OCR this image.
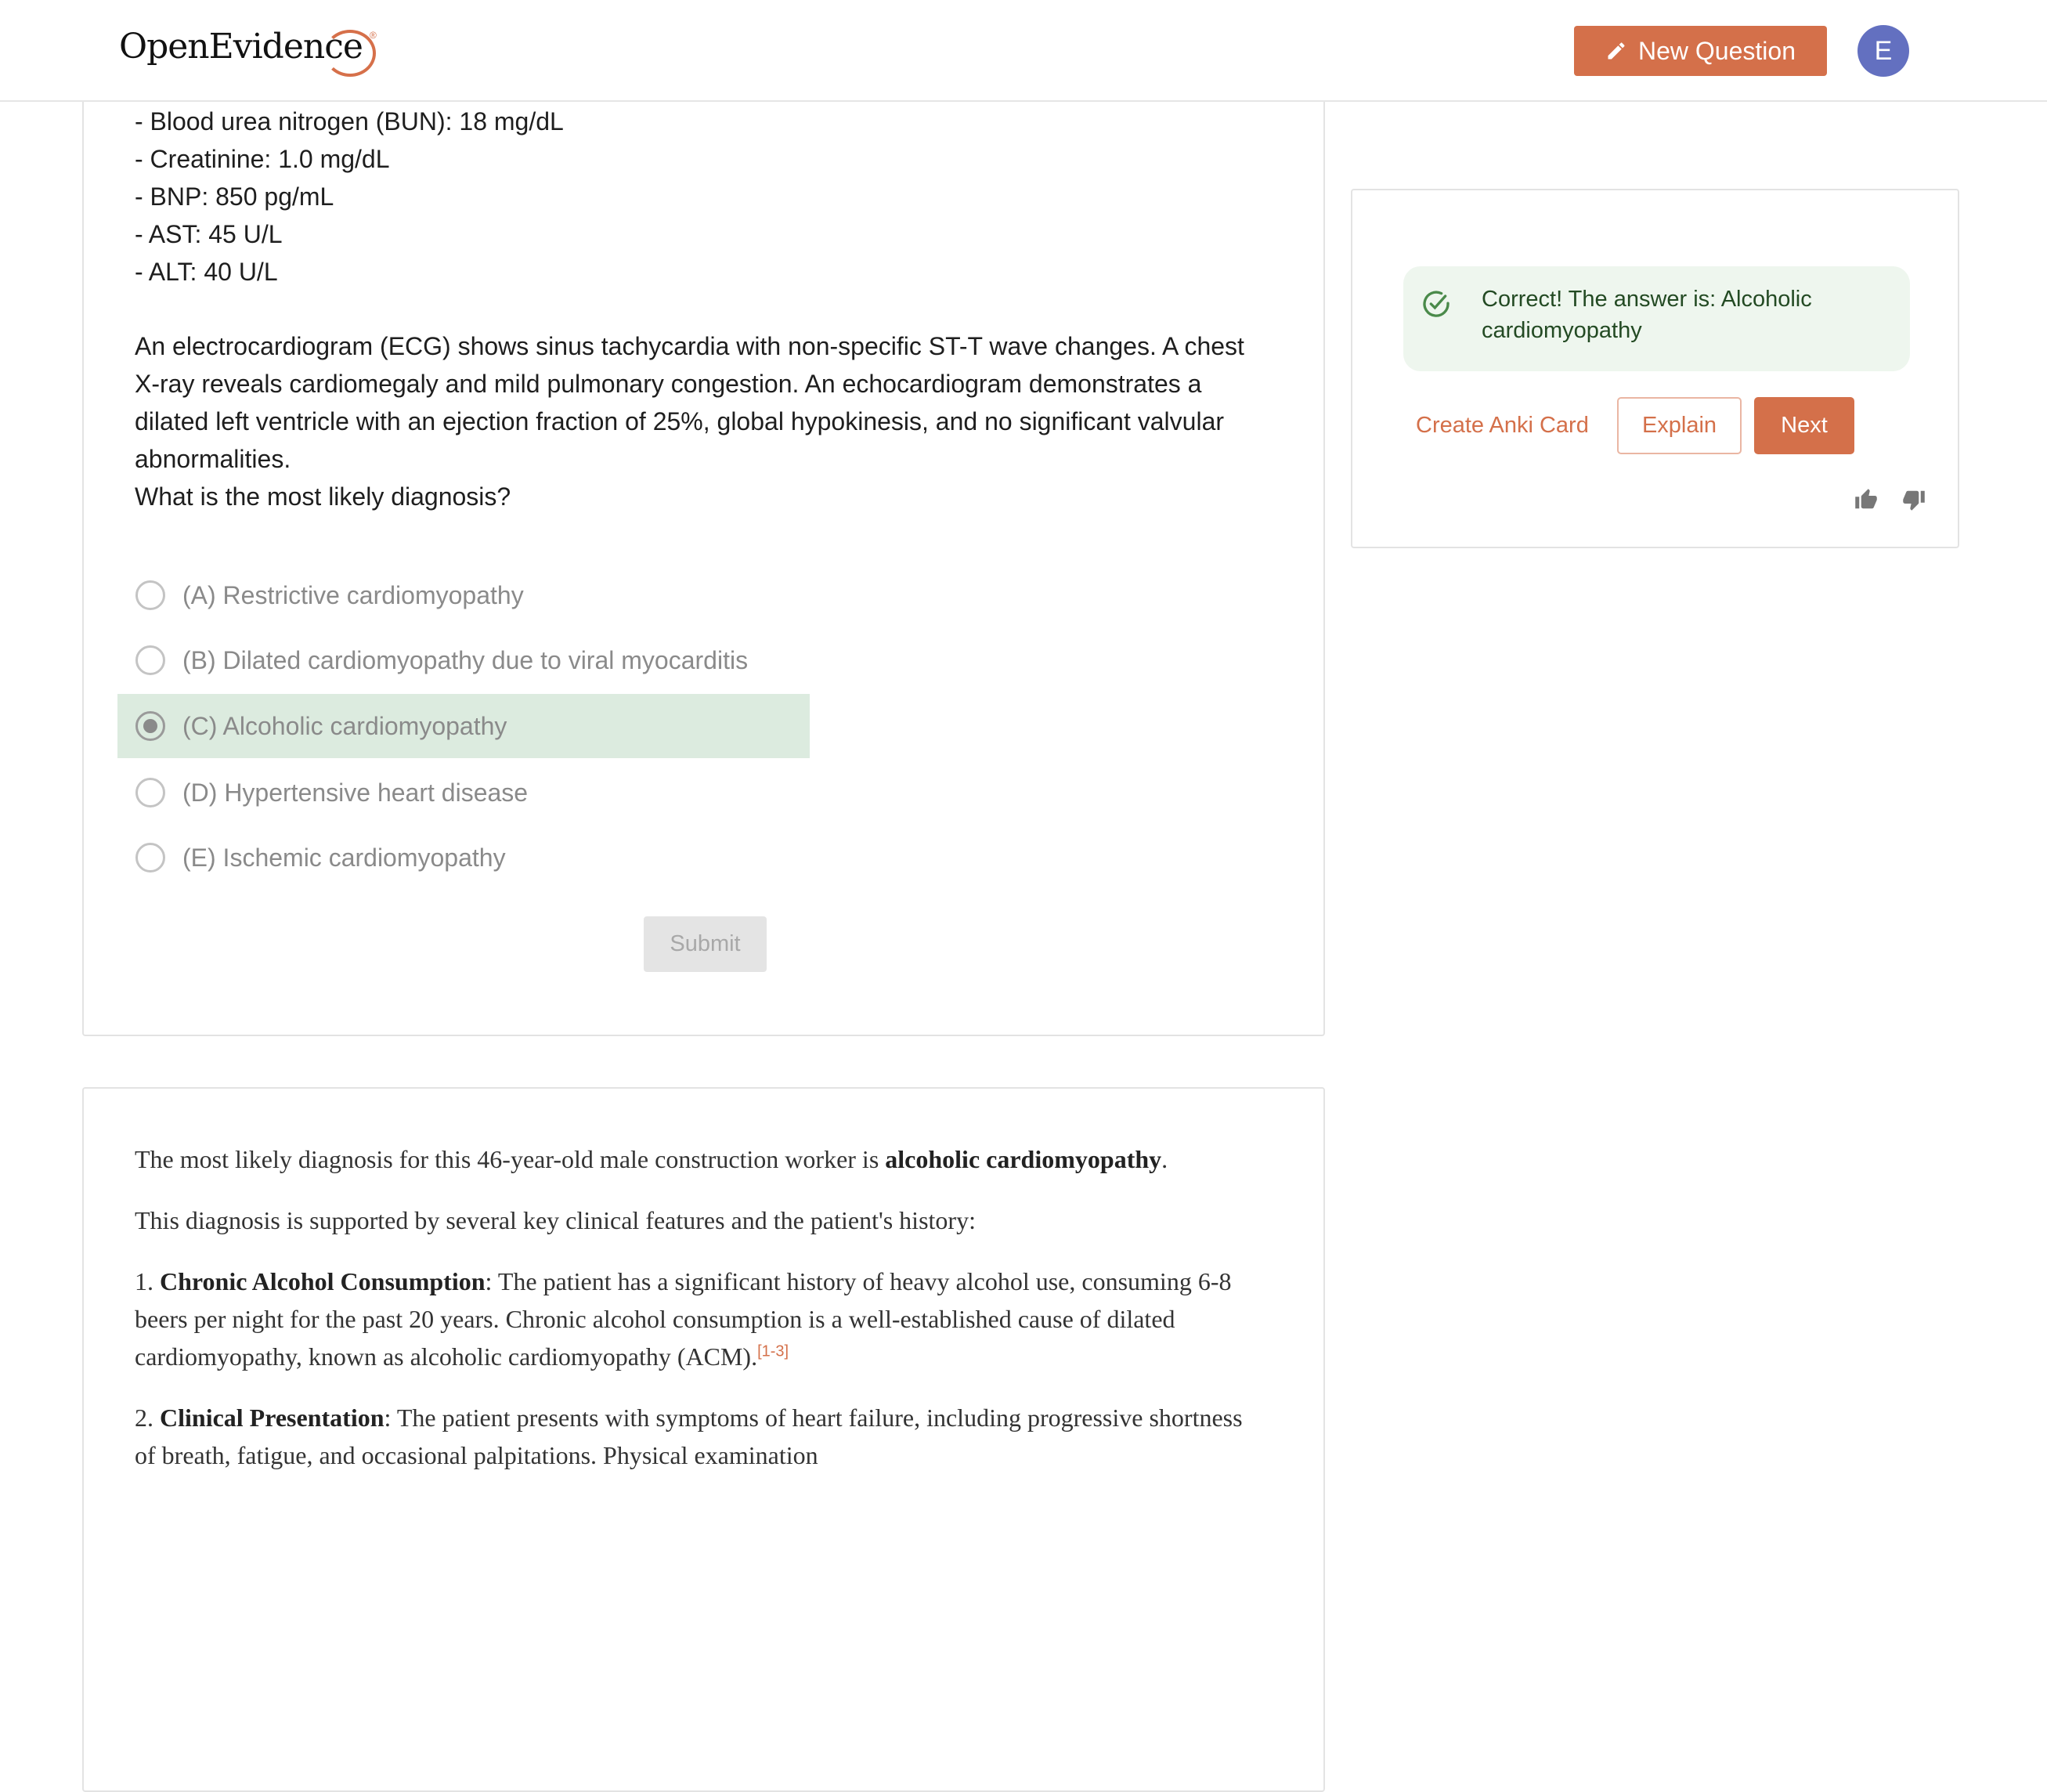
OpenEvidence ®
New Question	E
- Blood urea nitrogen (BUN): 18 mg/dL
- Creatinine: 1.0 mg/dL
- BNP: 850 pg/mL
- AST: 45 U/L
- ALT: 40 U/L
An electrocardiogram (ECG) shows sinus tachycardia with non-specific ST-T wave changes. A chest X-ray reveals cardiomegaly and mild pulmonary congestion. An echocardiogram demonstrates a dilated left ventricle with an ejection fraction of 25%, global hypokinesis, and no significant valvular abnormalities.
What is the most likely diagnosis?
(A) Restrictive cardiomyopathy
(B) Dilated cardiomyopathy due to viral myocarditis
(C) Alcoholic cardiomyopathy
(D) Hypertensive heart disease
(E) Ischemic cardiomyopathy
Submit

The most likely diagnosis for this 46-year-old male construction worker is alcoholic cardiomyopathy.

This diagnosis is supported by several key clinical features and the patient's history:

1. Chronic Alcohol Consumption: The patient has a significant history of heavy alcohol use, consuming 6-8 beers per night for the past 20 years. Chronic alcohol consumption is a well-established cause of dilated cardiomyopathy, known as alcoholic cardiomyopathy (ACM).[1-3]

2. Clinical Presentation: The patient presents with symptoms of heart failure, including progressive shortness of breath, fatigue, and occasional palpitations. Physical examination

Correct! The answer is: Alcoholic cardiomyopathy
Create Anki Card	Explain	Next
